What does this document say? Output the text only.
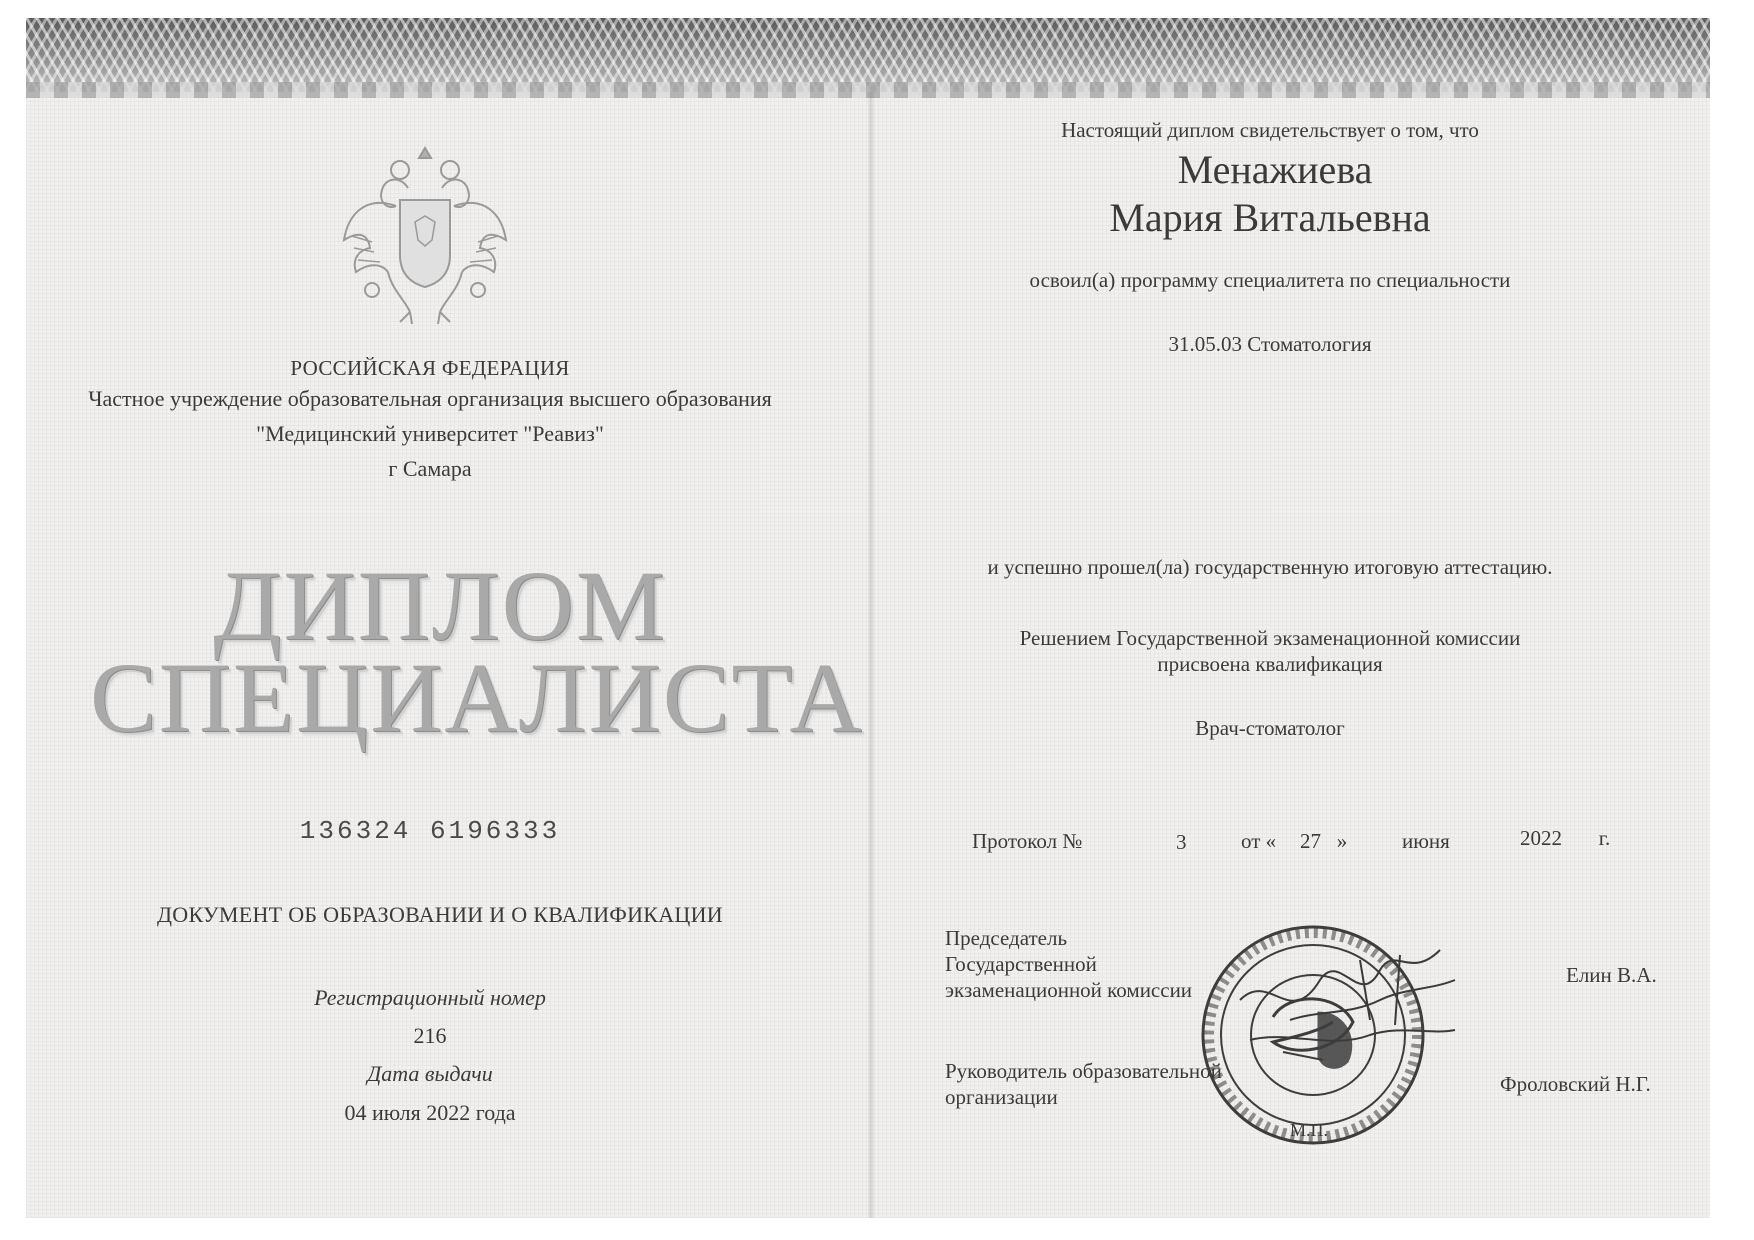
РОССИЙСКАЯ ФЕДЕРАЦИЯ
Частное учреждение образовательная организация высшего образования
"Медицинский университет "Реавиз"
г Самара
ДИПЛОМ
СПЕЦИАЛИСТА
136324 6196333
ДОКУМЕНТ ОБ ОБРАЗОВАНИИ И О КВАЛИФИКАЦИИ
Регистрационный номер
216
Дата выдачи
04 июля 2022 года
Настоящий диплом свидетельствует о том, что
Менажиева
Мария Витальевна
освоил(а) программу специалитета по специальности
31.05.03 Стоматология
и успешно прошел(ла) государственную итоговую аттестацию.
Решением Государственной экзаменационной комиссии
присвоена квалификация
Врач-стоматолог
Протокол №	3	от « 27 »	июня	2022 г.
Председатель
Государственной
экзаменационной комиссии
Елин В.А.
Руководитель образовательной
организации
Фроловский Н.Г.
М.П.
